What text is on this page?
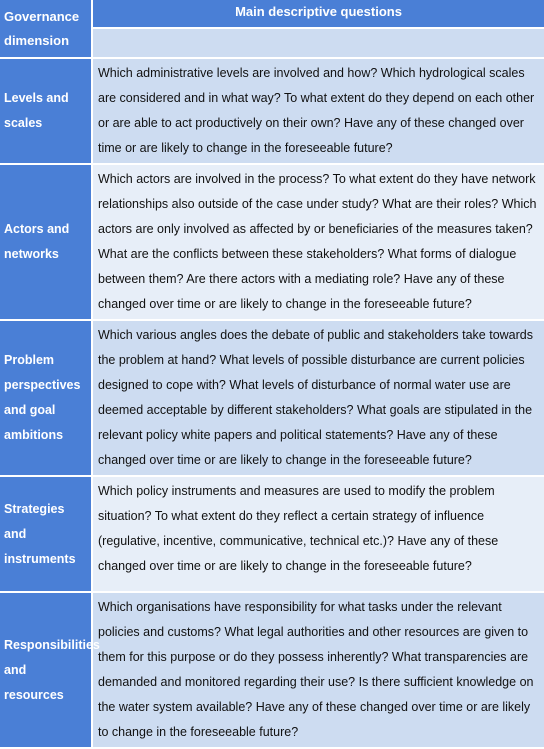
Governance dimension	Main descriptive questions

Levels and scales	Which administrative levels are involved and how? Which hydrological scales are considered and in what way? To what extent do they depend on each other or are able to act productively on their own? Have any of these changed over time or are likely to change in the foreseeable future?
Actors and networks	Which actors are involved in the process? To what extent do they have network relationships also outside of the case under study? What are their roles? Which actors are only involved as affected by or beneficiaries of the measures taken? What are the conflicts between these stakeholders? What forms of dialogue between them? Are there actors with a mediating role? Have any of these changed over time or are likely to change in the foreseeable future?
Problem perspectives and goal ambitions	Which various angles does the debate of public and stakeholders take towards the problem at hand? What levels of possible disturbance are current policies designed to cope with? What levels of disturbance of normal water use are deemed acceptable by different stakeholders? What goals are stipulated in the relevant policy white papers and political statements? Have any of these changed over time or are likely to change in the foreseeable future?
Strategies and instruments	Which policy instruments and measures are used to modify the problem situation? To what extent do they reflect a certain strategy of influence (regulative, incentive, communicative, technical etc.)? Have any of these changed over time or are likely to change in the foreseeable future?
Responsibilities and resources	Which organisations have responsibility for what tasks under the relevant policies and customs? What legal authorities and other resources are given to them for this purpose or do they possess inherently? What transparencies are demanded and monitored regarding their use? Is there sufficient knowledge on the water system available? Have any of these changed over time or are likely to change in the foreseeable future?
